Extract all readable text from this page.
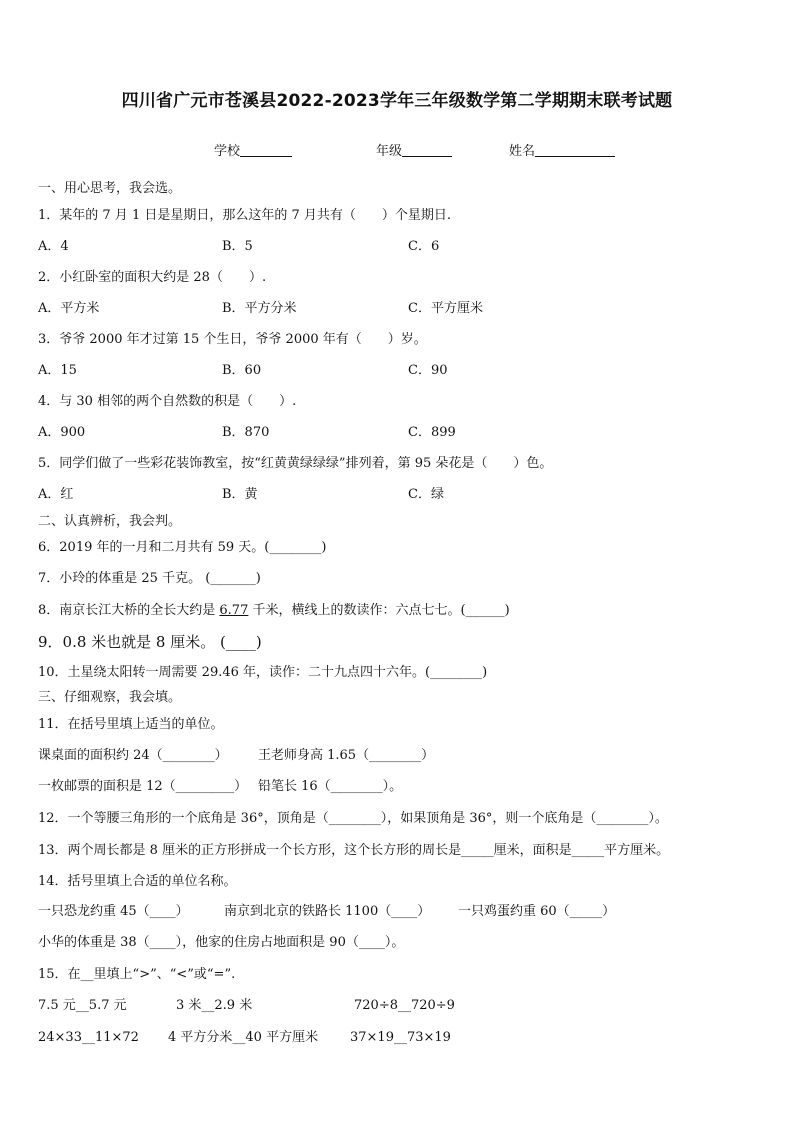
四川省广元市苍溪县2022-2023学年三年级数学第二学期期末联考试题
学校	年级	姓名
一、用心思考，我会选。
1．某年的 7 月 1 日是星期日，那么这年的 7 月共有（　　）个星期日.
A．4	B．5	C．6
2．小红卧室的面积大约是 28（　　）.
A．平方米	B．平方分米	C．平方厘米
3．爷爷 2000 年才过第 15 个生日，爷爷 2000 年有（　　）岁。
A．15	B．60	C．90
4．与 30 相邻的两个自然数的积是（　　）.
A．900	B．870	C．899
5．同学们做了一些彩花装饰教室，按“红黄黄绿绿绿”排列着，第 95 朵花是（　　）色。
A．红	B．黄	C．绿
二、认真辨析，我会判。
6．2019 年的一月和二月共有 59 天。(________)
7．小玲的体重是 25 千克。 (_______)
8．南京长江大桥的全长大约是 6.77 千米，横线上的数读作：六点七七。(______)
9．0.8 米也就是 8 厘米。 (____)
10．土星绕太阳转一周需要 29.46 年，读作：二十九点四十六年。(________)
三、仔细观察，我会填。
11．在括号里填上适当的单位。
课桌面的面积约 24（________） 王老师身高 1.65（________）
一枚邮票的面积是 12（_________） 铅笔长 16（________）。
12．一个等腰三角形的一个底角是 36°，顶角是（________），如果顶角是 36°，则一个底角是（________）。
13．两个周长都是 8 厘米的正方形拼成一个长方形，这个长方形的周长是_____厘米，面积是_____平方厘米。
14．括号里填上合适的单位名称。
一只恐龙约重 45（____）	南京到北京的铁路长 1100（____） 一只鸡蛋约重 60（_____）
小华的体重是 38（____），他家的住房占地面积是 90（____）。
15．在__里填上“>”、“<”或“=”.
7.5 元__5.7 元	3 米__2.9 米	720÷8__720÷9
24×33__11×72 4 平方分米__40 平方厘米 37×19__73×19
